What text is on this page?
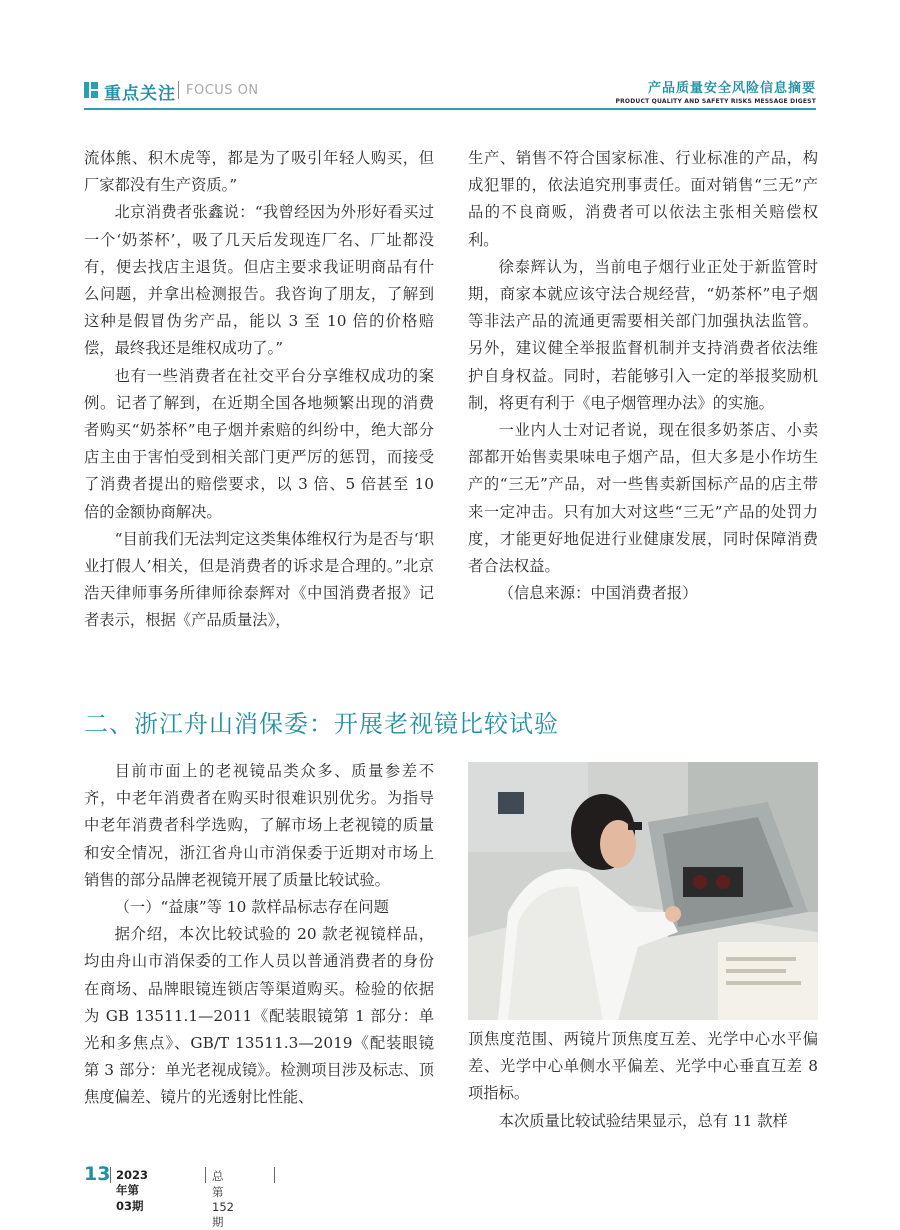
重点关注 FOCUS ON	产品质量安全风险信息摘要
PRODUCT QUALITY AND SAFETY RISKS MESSAGE DIGEST

流体熊、积木虎等，都是为了吸引年轻人购买，但厂家都没有生产资质。”

北京消费者张鑫说：“我曾经因为外形好看买过一个‘奶茶杯’，吸了几天后发现连厂名、厂址都没有，便去找店主退货。但店主要求我证明商品有什么问题，并拿出检测报告。我咨询了朋友，了解到这种是假冒伪劣产品，能以 3 至 10 倍的价格赔偿，最终我还是维权成功了。”

也有一些消费者在社交平台分享维权成功的案例。记者了解到，在近期全国各地频繁出现的消费者购买“奶茶杯”电子烟并索赔的纠纷中，绝大部分店主由于害怕受到相关部门更严厉的惩罚，而接受了消费者提出的赔偿要求，以 3 倍、5 倍甚至 10 倍的金额协商解决。

“目前我们无法判定这类集体维权行为是否与‘职业打假人’相关，但是消费者的诉求是合理的。”北京浩天律师事务所律师徐泰辉对《中国消费者报》记者表示，根据《产品质量法》，

生产、销售不符合国家标准、行业标准的产品，构成犯罪的，依法追究刑事责任。面对销售“三无”产品的不良商贩，消费者可以依法主张相关赔偿权利。

徐泰辉认为，当前电子烟行业正处于新监管时期，商家本就应该守法合规经营，“奶茶杯”电子烟等非法产品的流通更需要相关部门加强执法监管。另外，建议健全举报监督机制并支持消费者依法维护自身权益。同时，若能够引入一定的举报奖励机制，将更有利于《电子烟管理办法》的实施。

一业内人士对记者说，现在很多奶茶店、小卖部都开始售卖果味电子烟产品，但大多是小作坊生产的“三无”产品，对一些售卖新国标产品的店主带来一定冲击。只有加大对这些“三无”产品的处罚力度，才能更好地促进行业健康发展，同时保障消费者合法权益。

（信息来源：中国消费者报）

二、浙江舟山消保委：开展老视镜比较试验

目前市面上的老视镜品类众多、质量参差不齐，中老年消费者在购买时很难识别优劣。为指导中老年消费者科学选购，了解市场上老视镜的质量和安全情况，浙江省舟山市消保委于近期对市场上销售的部分品牌老视镜开展了质量比较试验。

（一）“益康”等 10 款样品标志存在问题

据介绍，本次比较试验的 20 款老视镜样品，均由舟山市消保委的工作人员以普通消费者的身份在商场、品牌眼镜连锁店等渠道购买。检验的依据为 GB 13511.1—2011《配装眼镜第 1 部分：单光和多焦点》、GB/T 13511.3—2019《配装眼镜第 3 部分：单光老视成镜》。检测项目涉及标志、顶焦度偏差、镜片的光透射比性能、

顶焦度范围、两镜片顶焦度互差、光学中心水平偏差、光学中心单侧水平偏差、光学中心垂直互差 8 项指标。

本次质量比较试验结果显示，总有 11 款样

13 2023年第03期
总第152期
